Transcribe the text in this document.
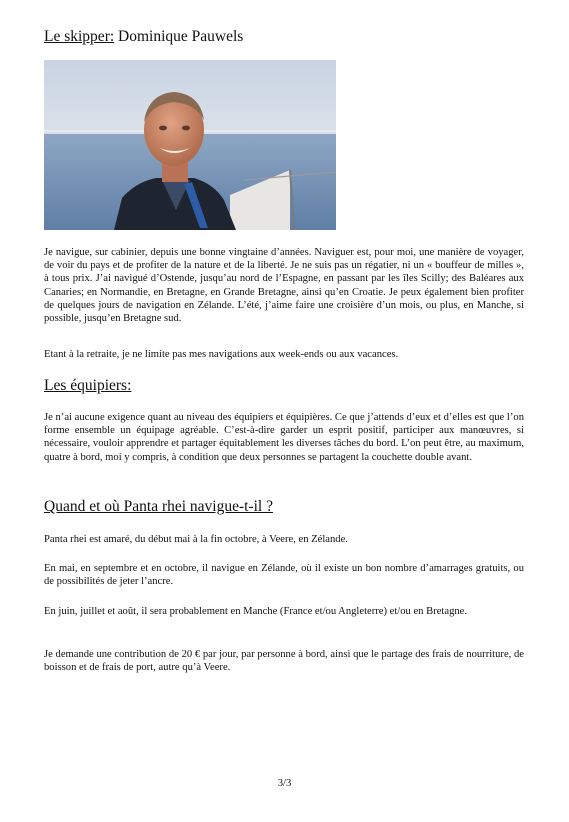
Le skipper: Dominique Pauwels

Je navigue, sur cabinier, depuis une bonne vingtaine d’années. Naviguer est, pour moi, une manière de voyager, de voir du pays et de profiter de la nature et de la liberté. Je ne suis pas un régatier, ni un « bouffeur de milles », à tous prix. J’ai navigué d’Ostende, jusqu’au nord de l’Espagne, en passant par les îles Scilly; des Baléares aux Canaries; en Normandie, en Bretagne, en Grande Bretagne, ainsi qu’en Croatie. Je peux également bien profiter de quelques jours de navigation en Zélande. L’été, j’aime faire une croisière d’un mois, ou plus, en Manche, si possible, jusqu’en Bretagne sud.

Etant à la retraite, je ne limite pas mes navigations aux week-ends ou aux vacances.

Les équipiers:

Je n’ai aucune exigence quant au niveau des équipiers et équipières. Ce que j’attends d’eux et d’elles est que l’on forme ensemble un équipage agréable. C’est-à-dire garder un esprit positif, participer aux manœuvres, si nécessaire, vouloir apprendre et partager équitablement les diverses tâches du bord. L’on peut être, au maximum, quatre à bord, moi y compris, à condition que deux personnes se partagent la couchette double avant.

Quand et où Panta rhei navigue-t-il ?

Panta rhei est amaré, du début mai à la fin octobre, à Veere, en Zélande.

En mai, en septembre et en octobre, il navigue en Zélande, où il existe un bon nombre d’amarrages gratuits, ou de possibilités de jeter l’ancre.

En juin, juillet et août, il sera probablement en Manche (France et/ou Angleterre) et/ou en Bretagne.

Je demande une contribution de 20 € par jour, par personne à bord, ainsi que le partage des frais de nourriture, de boisson et de frais de port, autre qu’à Veere.

3/3
